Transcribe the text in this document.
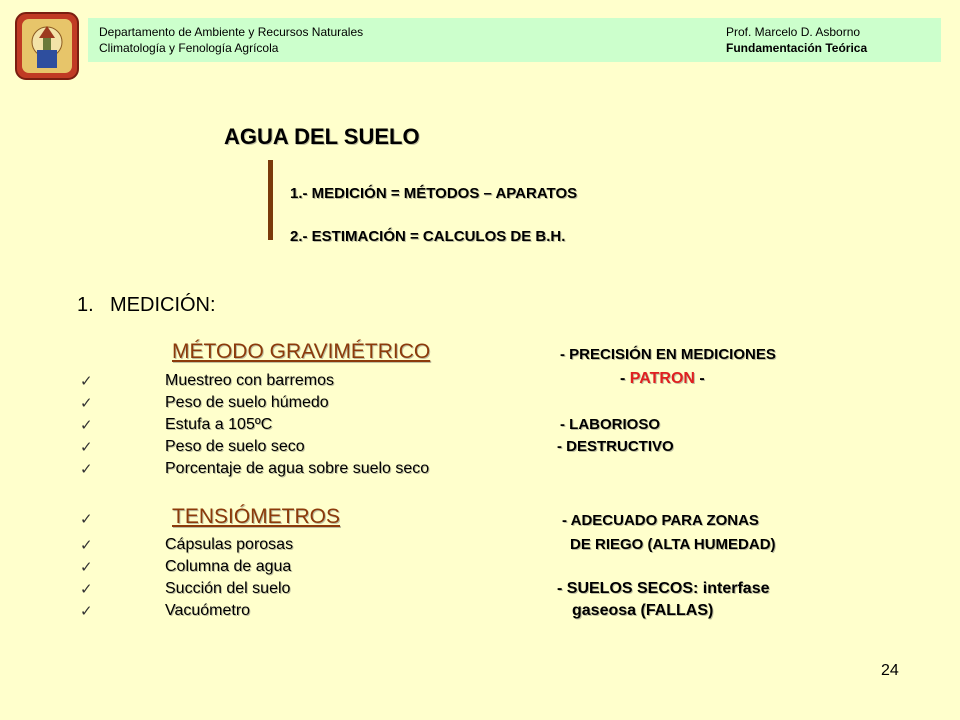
Departamento de Ambiente y Recursos Naturales
Climatología y Fenología Agrícola
Prof. Marcelo D. Asborno
Fundamentación Teórica
AGUA DEL SUELO
1.- MEDICIÓN = MÉTODOS – APARATOS
2.- ESTIMACIÓN = CALCULOS DE B.H.
1. MEDICIÓN:
MÉTODO GRAVIMÉTRICO	- PRECISIÓN EN MEDICIONES
✓	Muestreo con barremos	- PATRON -
✓	Peso de suelo húmedo
✓	Estufa a 105ºC	- LABORIOSO
✓	Peso de suelo seco	- DESTRUCTIVO
✓	Porcentaje de agua sobre suelo seco
✓	TENSIÓMETROS	- ADECUADO PARA ZONAS
✓	Cápsulas porosas	DE RIEGO (ALTA HUMEDAD)
✓	Columna de agua
✓	Succión del suelo	- SUELOS SECOS: interfase
✓	Vacuómetro	gaseosa (FALLAS)
24
